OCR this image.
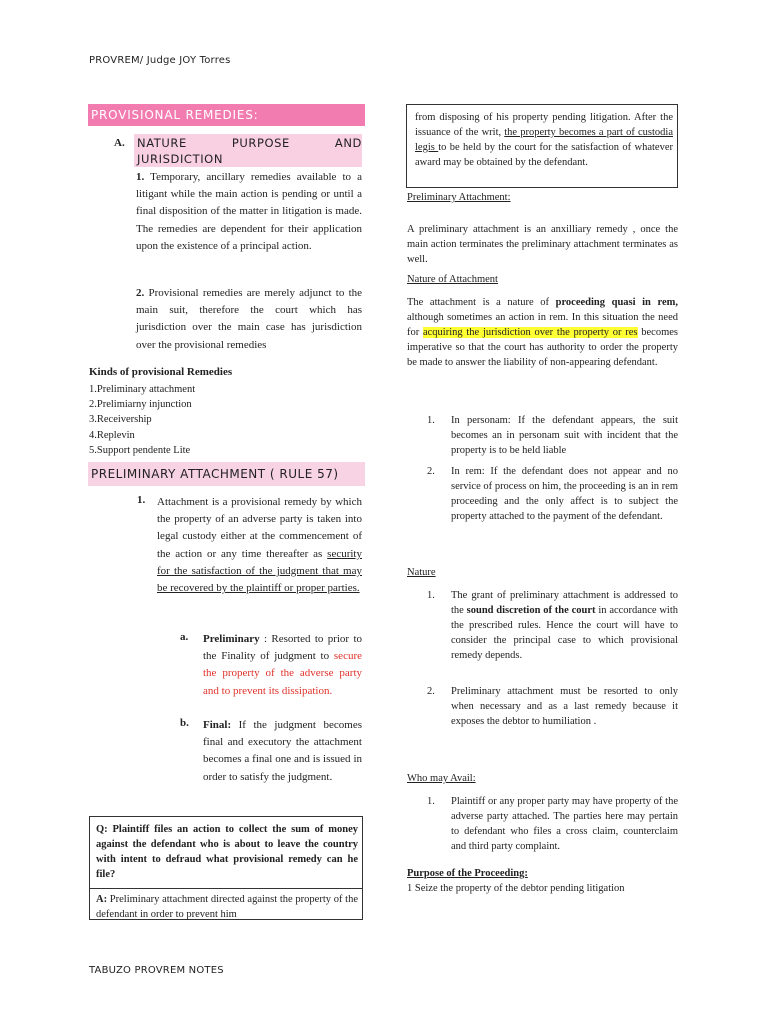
PROVREM/ Judge JOY Torres
PROVISIONAL REMEDIES:
A. NATURE	PURPOSE	AND
JURISDICTION
1. Temporary, ancillary remedies available to a litigant while the main action is pending or until a final disposition of the matter in litigation is made. The remedies are dependent for their application upon the existence of a principal action.
2. Provisional remedies are merely adjunct to the main suit, therefore the court which has jurisdiction over the main case has jurisdiction over the provisional remedies
Kinds of provisional Remedies
1.Preliminary attachment
2.Prelimiarny injunction
3.Receivership
4.Replevin
5.Support pendente Lite
PRELIMINARY ATTACHMENT ( RULE 57)
1. Attachment is a provisional remedy by which the property of an adverse party is taken into legal custody either at the commencement of the action or any time thereafter as security for the satisfaction of the judgment that may be recovered by the plaintiff or proper parties.
a. Preliminary : Resorted to prior to the Finality of judgment to secure the property of the adverse party and to prevent its dissipation.
b. Final: If the judgment becomes final and executory the attachment becomes a final one and is issued in order to satisfy the judgment.
Q: Plaintiff files an action to collect the sum of money against the defendant who is about to leave the country with intent to defraud what provisional remedy can he file?
A: Preliminary attachment directed against the property of the defendant in order to prevent him
from disposing of his property pending litigation. After the issuance of the writ, the property becomes a part of custodia legis to be held by the court for the satisfaction of whatever award may be obtained by the defendant.
Preliminary Attachment:
A preliminary attachment is an anxilliary remedy , once the main action terminates the preliminary attachment terminates as well.
Nature of Attachment
The attachment is a nature of proceeding quasi in rem, although sometimes an action in rem. In this situation the need for acquiring the jurisdiction over the property or res becomes imperative so that the court has authority to order the property be made to answer the liability of non-appearing defendant.
1. In personam: If the defendant appears, the suit becomes an in personam suit with incident that the property is to be held liable
2. In rem: If the defendant does not appear and no service of process on him, the proceeding is an in rem proceeding and the only affect is to subject the property attached to the payment of the defendant.
Nature
1. The grant of preliminary attachment is addressed to the sound discretion of the court in accordance with the prescribed rules. Hence the court will have to consider the principal case to which provisional remedy depends.
2. Preliminary attachment must be resorted to only when necessary and as a last remedy because it exposes the debtor to humiliation .
Who may Avail:
1. Plaintiff or any proper party may have property of the adverse party attached. The parties here may pertain to defendant who files a cross claim, counterclaim and third party complaint.
Purpose of the Proceeding:
1 Seize the property of the debtor pending litigation
TABUZO PROVREM NOTES
